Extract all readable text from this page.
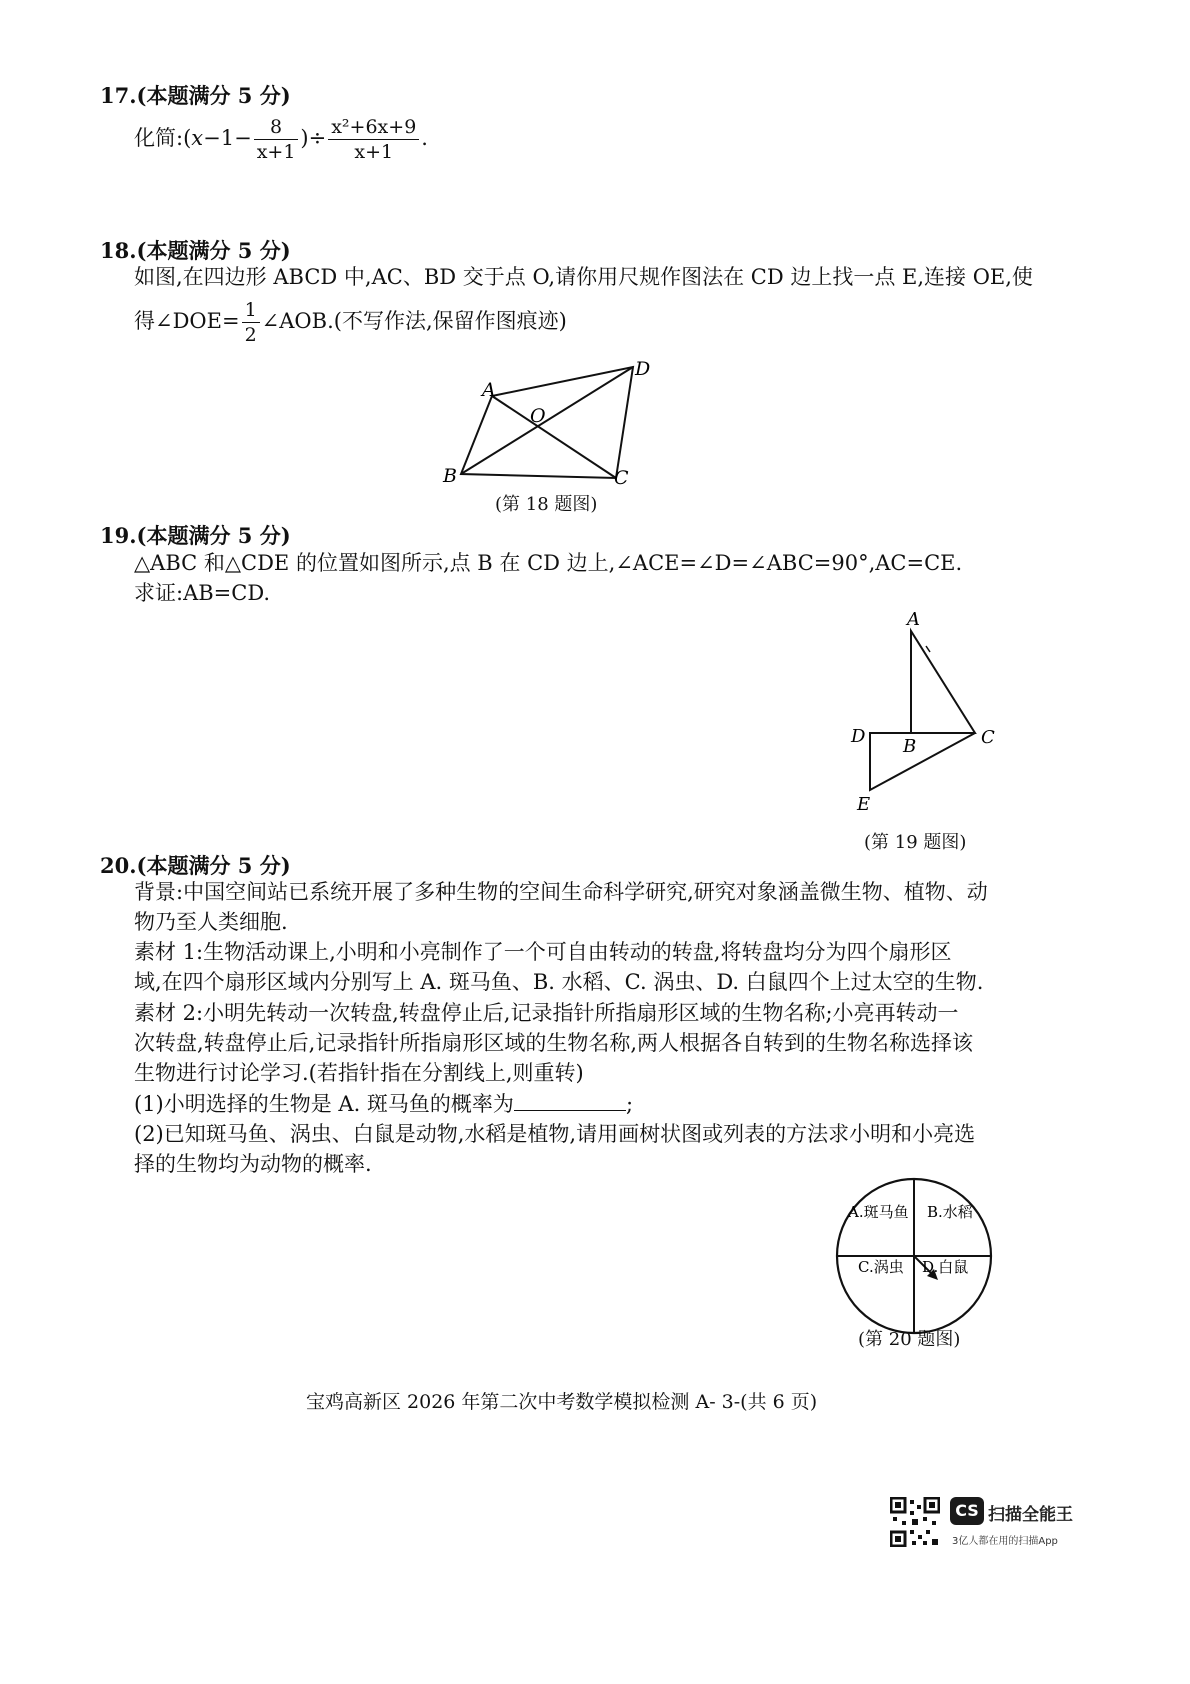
17.(本题满分 5 分)
化简:(x−1− $\frac{8}{x+1}$ )÷ $\frac{\text{x²+6x+9}}{x+1}$ .
18.(本题满分 5 分)
如图,在四边形 ABCD 中,AC、BD 交于点 O,请你用尺规作图法在 CD 边上找一点 E,连接 OE,使
得∠DOE= $\frac{1}{2}$ ∠AOB.(不写作法,保留作图痕迹)
A
D
O
B	C
(第 18 题图)
19.(本题满分 5 分)
△ABC 和△CDE 的位置如图所示,点 B 在 CD 边上,∠ACE=∠D=∠ABC=90°,AC=CE.
求证:AB=CD.
A
D B	C
E
(第 19 题图)
20.(本题满分 5 分)
背景:中国空间站已系统开展了多种生物的空间生命科学研究,研究对象涵盖微生物、植物、动
物乃至人类细胞.
素材 1:生物活动课上,小明和小亮制作了一个可自由转动的转盘,将转盘均分为四个扇形区
域,在四个扇形区域内分别写上 A. 斑马鱼、B. 水稻、C. 涡虫、D. 白鼠四个上过太空的生物.
素材 2:小明先转动一次转盘,转盘停止后,记录指针所指扇形区域的生物名称;小亮再转动一
次转盘,转盘停止后,记录指针所指扇形区域的生物名称,两人根据各自转到的生物名称选择该
生物进行讨论学习.(若指针指在分割线上,则重转)
(1)小明选择的生物是 A. 斑马鱼的概率为	;
(2)已知斑马鱼、涡虫、白鼠是动物,水稻是植物,请用画树状图或列表的方法求小明和小亮选
择的生物均为动物的概率.
A.斑马鱼 B.水稻
C.涡虫 D.白鼠
(第 20 题图)
宝鸡高新区 2026 年第二次中考数学模拟检测 A- 3-(共 6 页)
CS 扫描全能王
3亿人都在用的扫描App
